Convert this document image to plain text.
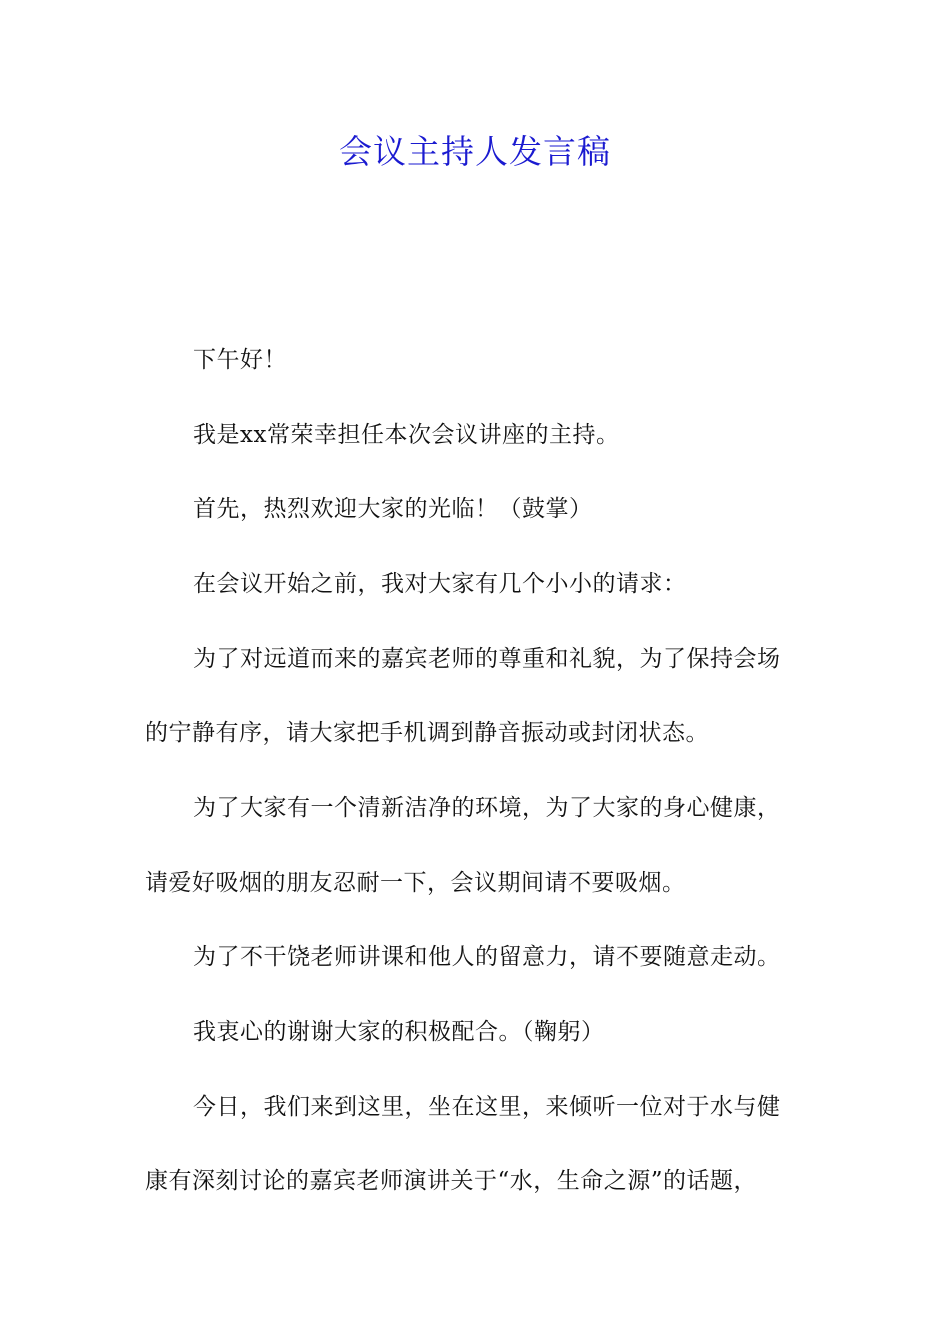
会议主持人发言稿
下午好！
我是xx常荣幸担任本次会议讲座的主持。
首先，热烈欢迎大家的光临！（鼓掌）
在会议开始之前，我对大家有几个小小的请求：
为了对远道而来的嘉宾老师的尊重和礼貌，为了保持会场
的宁静有序，请大家把手机调到静音振动或封闭状态。
为了大家有一个清新洁净的环境，为了大家的身心健康，
请爱好吸烟的朋友忍耐一下，会议期间请不要吸烟。
为了不干饶老师讲课和他人的留意力，请不要随意走动。
我衷心的谢谢大家的积极配合。（鞠躬）
今日，我们来到这里，坐在这里，来倾听一位对于水与健
康有深刻讨论的嘉宾老师演讲关于“水，生命之源”的话题，
